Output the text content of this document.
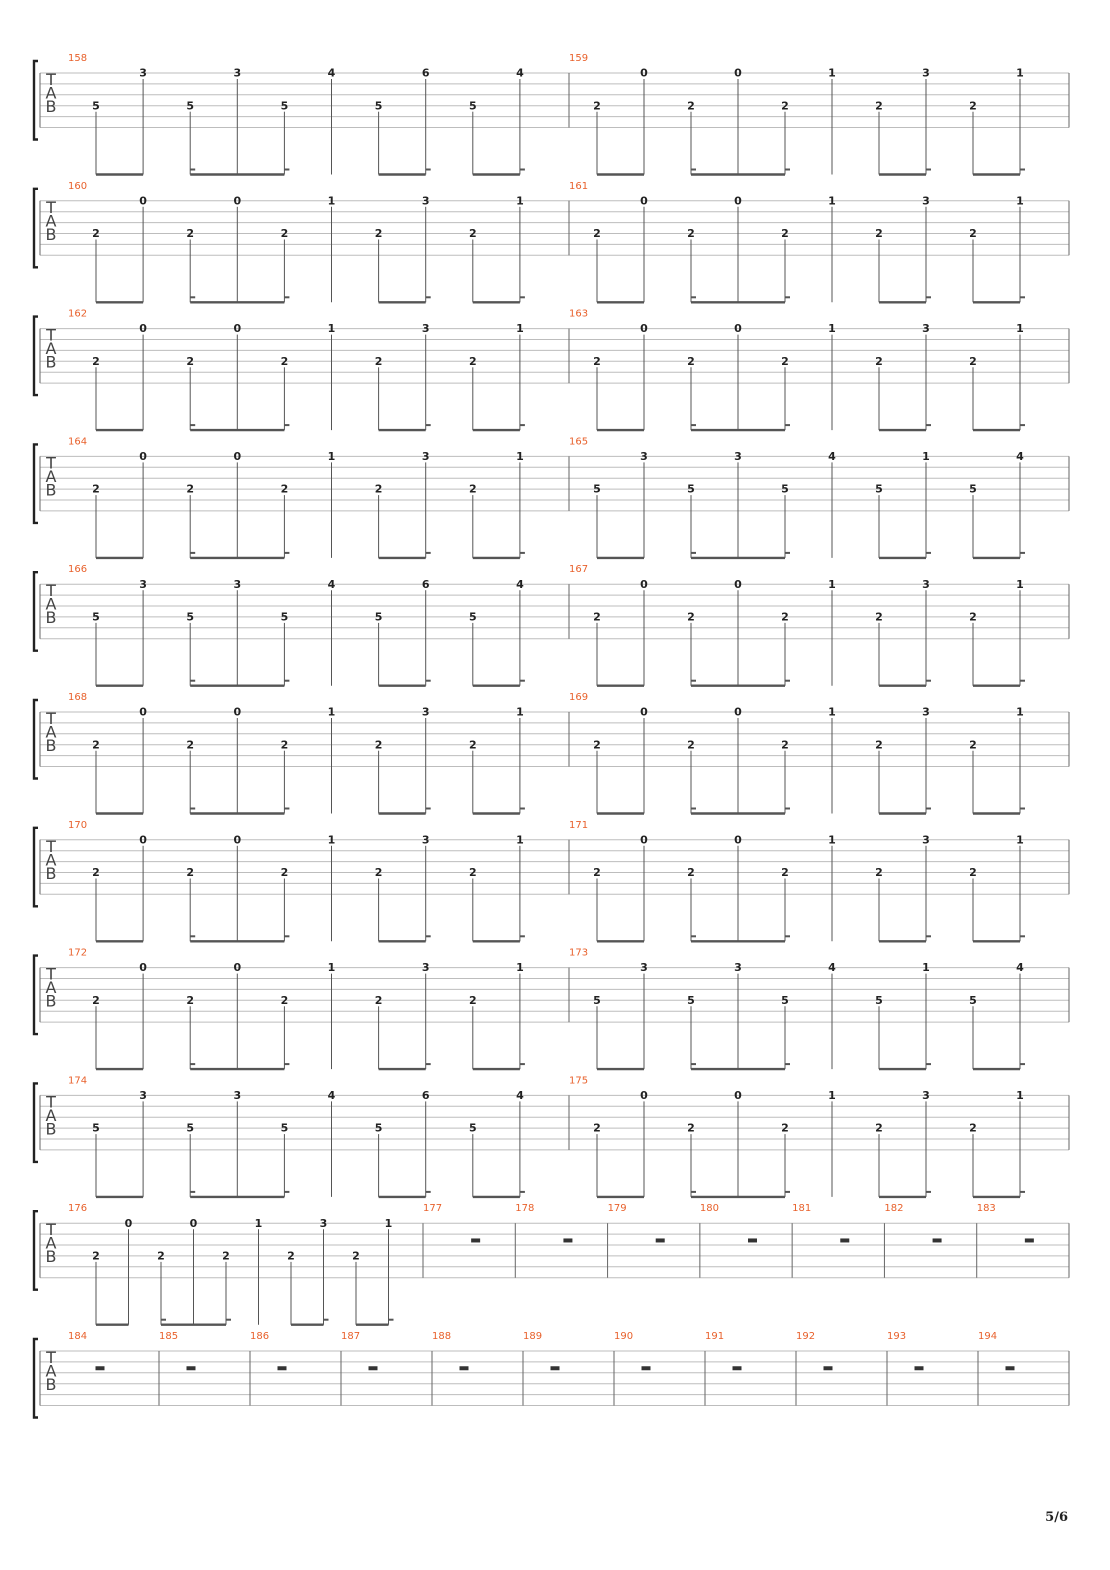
T
A
B
158
5
3
5
3
5
4
5
6
5
4
159
2
0
2
0
2
1
2
3
2
1
T
A
B
160
2
0
2
0
2
1
2
3
2
1
161
2
0
2
0
2
1
2
3
2
1
T
A
B
162
2
0
2
0
2
1
2
3
2
1
163
2
0
2
0
2
1
2
3
2
1
T
A
B
164
2
0
2
0
2
1
2
3
2
1
165
5
3
5
3
5
4
5
1
5
4
T
A
B
166
5
3
5
3
5
4
5
6
5
4
167
2
0
2
0
2
1
2
3
2
1
T
A
B
168
2
0
2
0
2
1
2
3
2
1
169
2
0
2
0
2
1
2
3
2
1
T
A
B
170
2
0
2
0
2
1
2
3
2
1
171
2
0
2
0
2
1
2
3
2
1
T
A
B
172
2
0
2
0
2
1
2
3
2
1
173
5
3
5
3
5
4
5
1
5
4
T
A
B
174
5
3
5
3
5
4
5
6
5
4
175
2
0
2
0
2
1
2
3
2
1
T
A
B
176
2
0
2
0
2
1
2
3
2
1
177	178	179	180	181	182	183
T
A
B
184	185	186	187	188	189	190	191	192	193	194
5/6
